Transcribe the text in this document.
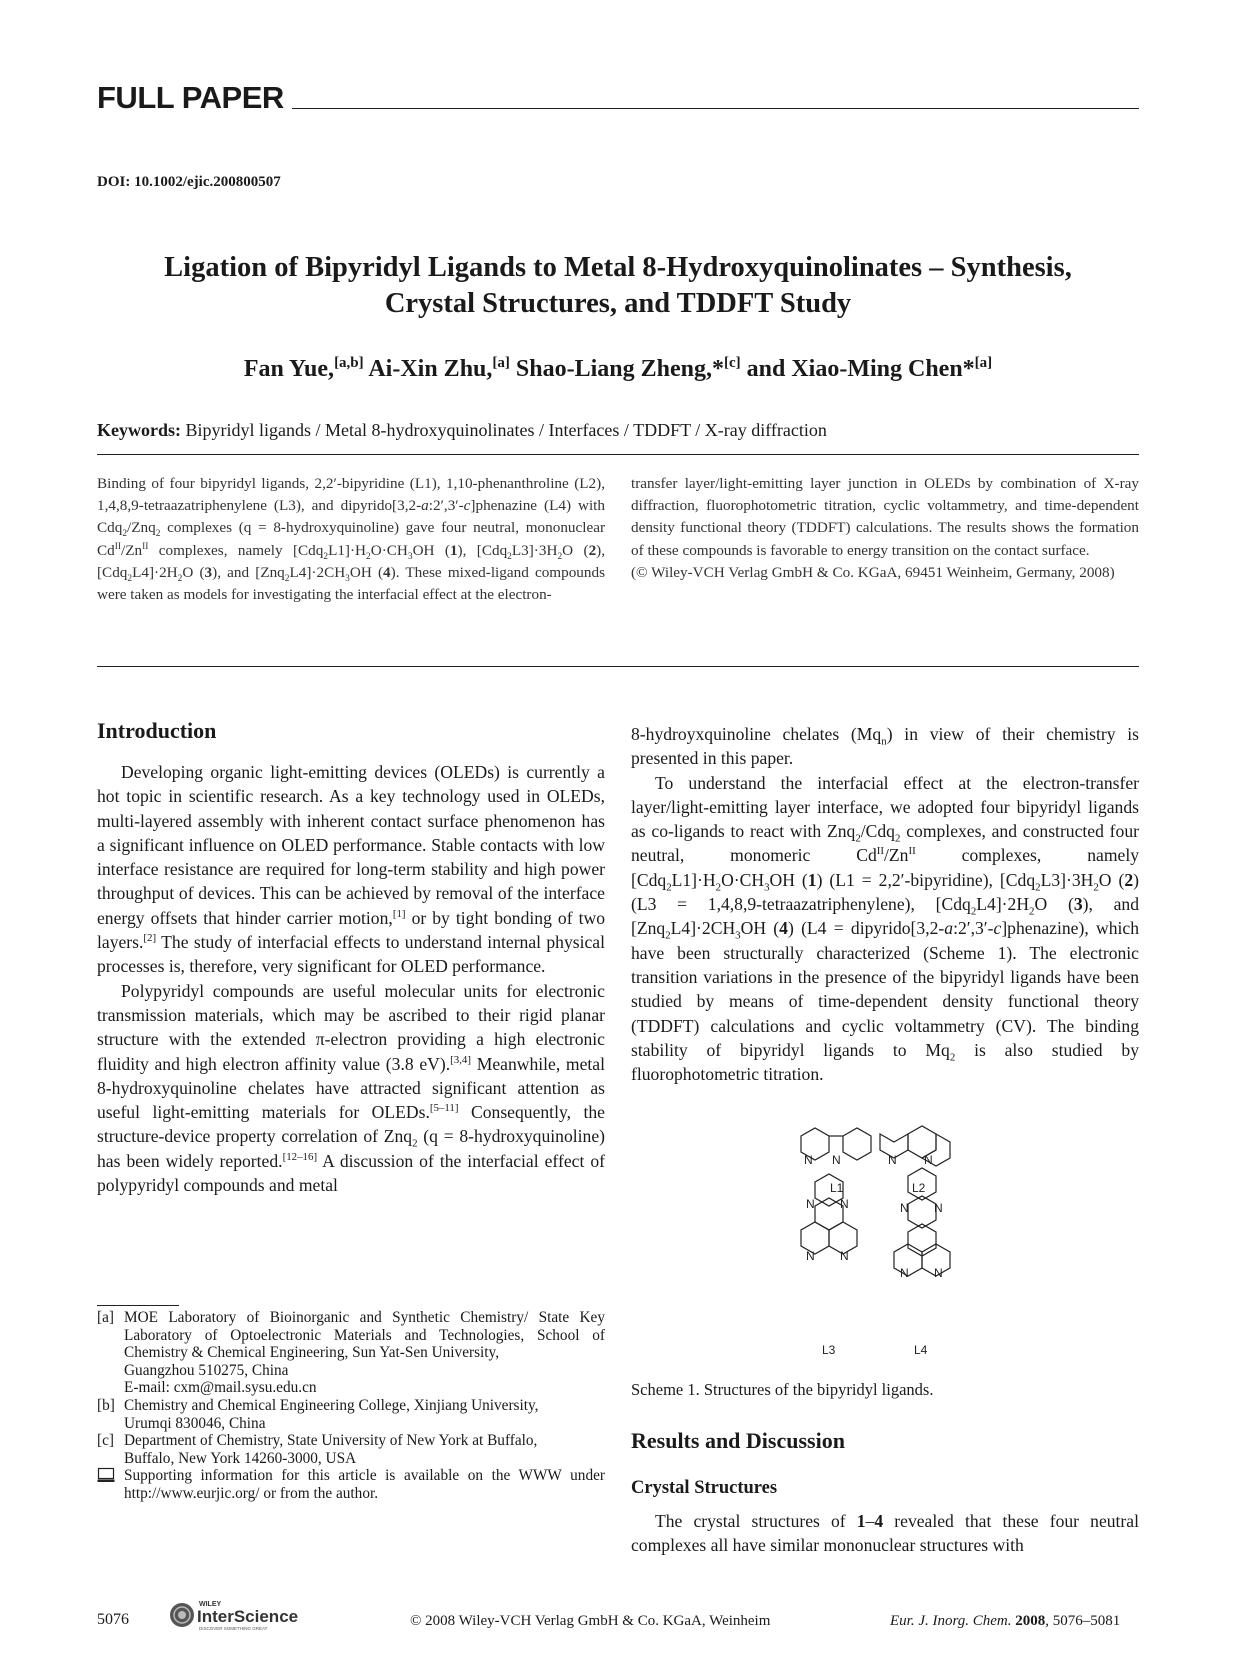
FULL PAPER
DOI: 10.1002/ejic.200800507
Ligation of Bipyridyl Ligands to Metal 8-Hydroxyquinolinates – Synthesis,
Crystal Structures, and TDDFT Study
Fan Yue,[a,b] Ai-Xin Zhu,[a] Shao-Liang Zheng,*[c] and Xiao-Ming Chen*[a]
Keywords: Bipyridyl ligands / Metal 8-hydroxyquinolinates / Interfaces / TDDFT / X-ray diffraction
Binding of four bipyridyl ligands, 2,2′-bipyridine (L1), 1,10-phenanthroline (L2), 1,4,8,9-tetraazatriphenylene (L3), and dipyrido[3,2-a:2′,3′-c]phenazine (L4) with Cdq$_2$/Znq$_2$ complexes (q = 8-hydroxyquinoline) gave four neutral, mononuclear $Cd^{II}/Zn^{II}$ complexes, namely $[Cdq_2L1]\cdot H_2O\cdot CH_3OH$ (1), $[Cdq_2L3]\cdot 3H_2O$ (2), $[Cdq_2L4]\cdot 2H_2O$ (3), and $[Znq_2L4]\cdot 2CH_3OH$ (4). These mixed-ligand compounds were taken as models for investigating the interfacial effect at the electron-

transfer layer/light-emitting layer junction in OLEDs by combination of X-ray diffraction, fluorophotometric titration, cyclic voltammetry, and time-dependent density functional theory (TDDFT) calculations. The results shows the formation of these compounds is favorable to energy transition on the contact surface.

(© Wiley-VCH Verlag GmbH & Co. KGaA, 69451 Weinheim, Germany, 2008)

Introduction

Developing organic light-emitting devices (OLEDs) is currently a hot topic in scientific research. As a key technology used in OLEDs, multi-layered assembly with inherent contact surface phenomenon has a significant influence on OLED performance. Stable contacts with low interface resistance are required for long-term stability and high power throughput of devices. This can be achieved by removal of the interface energy offsets that hinder carrier motion,[1] or by tight bonding of two layers.[2] The study of interfacial effects to understand internal physical processes is, therefore, very significant for OLED performance.

Polypyridyl compounds are useful molecular units for electronic transmission materials, which may be ascribed to their rigid planar structure with the extended π-electron providing a high electronic fluidity and high electron affinity value (3.8 eV).[3,4] Meanwhile, metal 8-hydroxyquinoline chelates have attracted significant attention as useful light-emitting materials for OLEDs.[5–11] Consequently, the structure-device property correlation of Znq$_2$ (q = 8-hydroxyquinoline) has been widely reported.[12–16] A discussion of the interfacial effect of polypyridyl compounds and metal

8-hydroyxquinoline chelates $(Mq_n)$ in view of their chemistry is presented in this paper.

To understand the interfacial effect at the electron-transfer layer/light-emitting layer interface, we adopted four bipyridyl ligands as co-ligands to react with Znq$_2$/Cdq$_2$ complexes, and constructed four neutral, monomeric $Cd^{II}/Zn^{II}$ complexes, namely $[Cdq_2L1]\cdot H_2O\cdot CH_3OH$ (1) (L1 = 2,2′-bipyridine), $[Cdq_2L3]\cdot 3H_2O$ (2) (L3 = 1,4,8,9-tetraazatriphenylene), $[Cdq_2L4]\cdot 2H_2O$ (3), and $[Znq_2L4]\cdot 2CH_3OH$ (4) (L4 = dipyrido[3,2-a:2′,3′-c]phenazine), which have been structurally characterized (Scheme 1). The electronic transition variations in the presence of the bipyridyl ligands have been studied by means of time-dependent density functional theory (TDDFT) calculations and cyclic voltammetry (CV). The binding stability of bipyridyl ligands to $Mq_2$ is also studied by fluorophotometric titration.

N N	N N
N N
N N
N N
N N
L1	L2
L3	L4
Scheme 1. Structures of the bipyridyl ligands.
Results and Discussion
Crystal Structures

The crystal structures of 1–4 revealed that these four neutral complexes all have similar mononuclear structures with

[a] MOE Laboratory of Bioinorganic and Synthetic Chemistry/ State Key Laboratory of Optoelectronic Materials and Technologies, School of Chemistry & Chemical Engineering, Sun Yat-Sen University,
Guangzhou 510275, China
E-mail: cxm@mail.sysu.edu.cn
[b] Chemistry and Chemical Engineering College, Xinjiang University,
Urumqi 830046, China
[c] Department of Chemistry, State University of New York at Buffalo,
Buffalo, New York 14260-3000, USA
Supporting information for this article is available on the WWW under http://www.eurjic.org/ or from the author.
5076
WILEY
InterScience
DISCOVER SOMETHING GREAT	© 2008 Wiley-VCH Verlag GmbH & Co. KGaA, Weinheim	Eur. J. Inorg. Chem. 2008, 5076–5081
